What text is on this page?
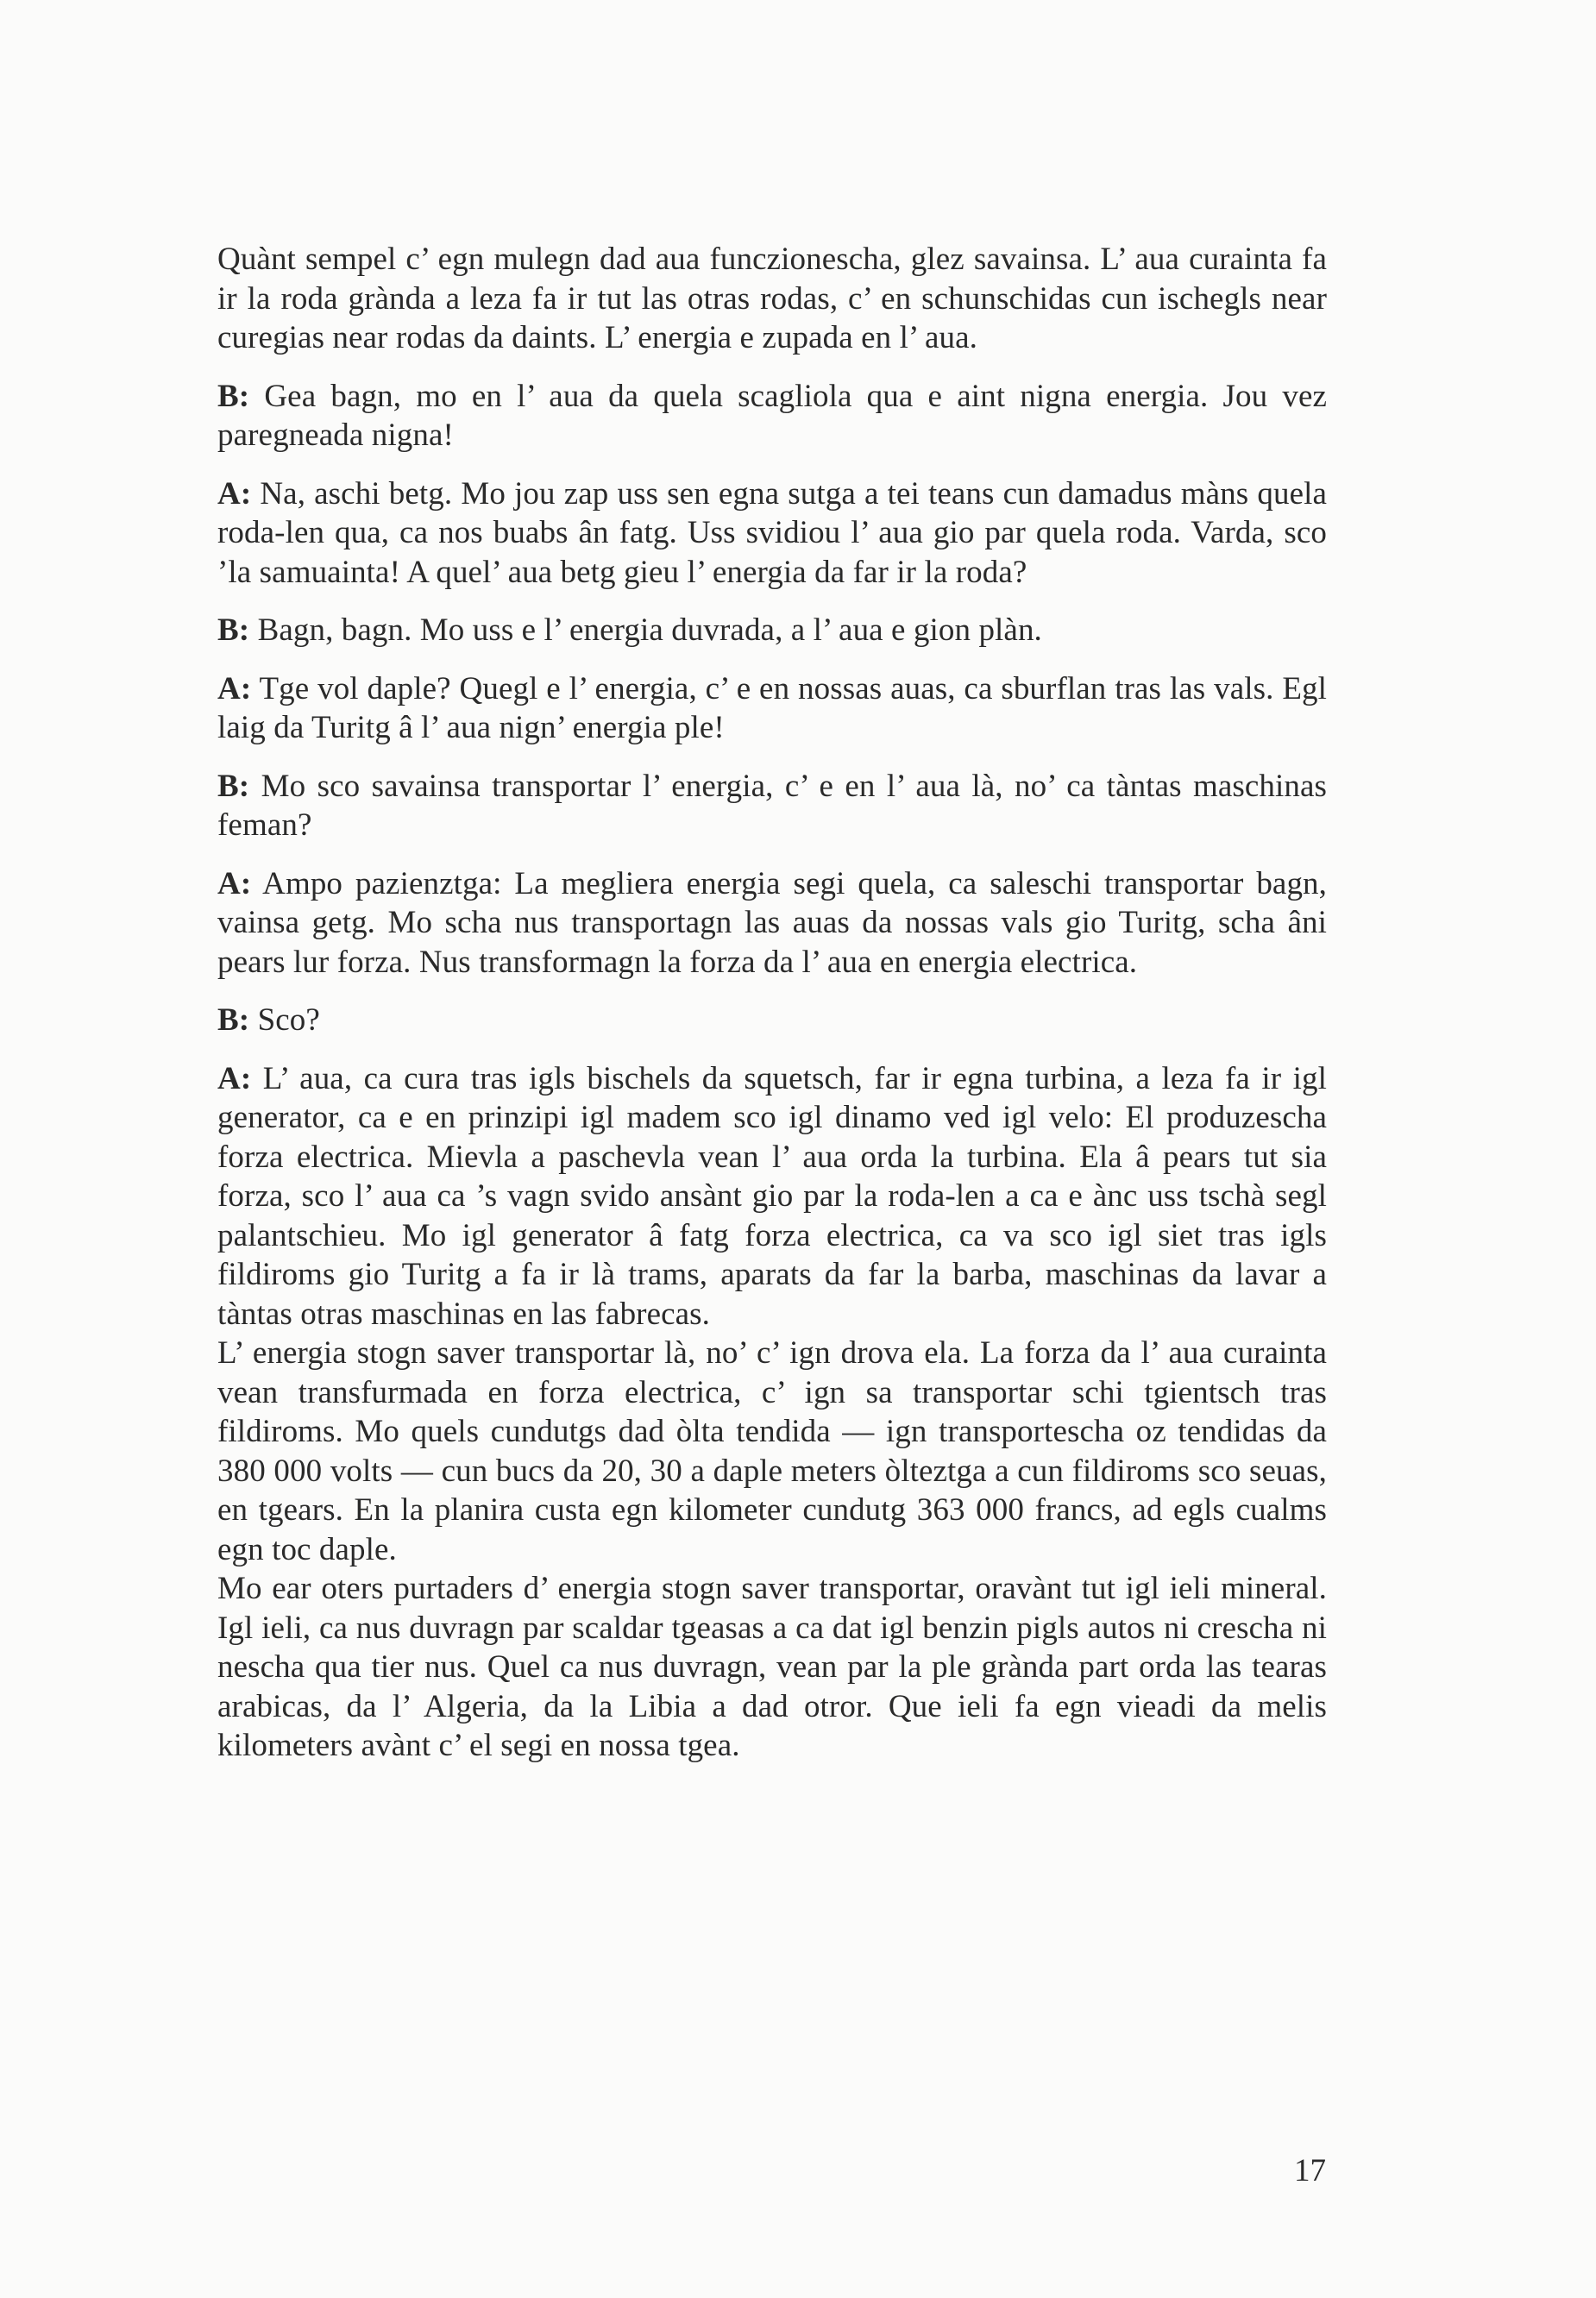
Quànt sempel c’ egn mulegn dad aua funczionescha, glez savainsa. L’ aua curainta fa ir la roda grànda a leza fa ir tut las otras rodas, c’ en schunschidas cun ischegls near curegias near rodas da daints. L’ energia e zupada en l’ aua.

B: Gea bagn, mo en l’ aua da quela scagliola qua e aint nigna energia. Jou vez paregneada nigna!

A: Na, aschi betg. Mo jou zap uss sen egna sutga a tei teans cun damadus màns quela roda-len qua, ca nos buabs ân fatg. Uss svidiou l’ aua gio par quela roda. Varda, sco ’la samuainta! A quel’ aua betg gieu l’ energia da far ir la roda?

B: Bagn, bagn. Mo uss e l’ energia duvrada, a l’ aua e gion plàn.

A: Tge vol daple? Quegl e l’ energia, c’ e en nossas auas, ca sburflan tras las vals. Egl laig da Turitg â l’ aua nign’ energia ple!

B: Mo sco savainsa transportar l’ energia, c’ e en l’ aua là, no’ ca tàntas maschinas feman?

A: Ampo pazienztga: La megliera energia segi quela, ca saleschi transportar bagn, vainsa getg. Mo scha nus transportagn las auas da nossas vals gio Turitg, scha âni pears lur forza. Nus transformagn la forza da l’ aua en energia electrica.

B: Sco?

A: L’ aua, ca cura tras igls bischels da squetsch, far ir egna turbina, a leza fa ir igl generator, ca e en prinzipi igl madem sco igl dinamo ved igl velo: El produzescha forza electrica. Mievla a paschevla vean l’ aua orda la turbina. Ela â pears tut sia forza, sco l’ aua ca ’s vagn svido ansànt gio par la roda-len a ca e ànc uss tschà segl palantschieu. Mo igl generator â fatg forza electrica, ca va sco igl siet tras igls fildiroms gio Turitg a fa ir là trams, aparats da far la barba, maschinas da lavar a tàntas otras maschinas en las fabrecas.

L’ energia stogn saver transportar là, no’ c’ ign drova ela. La forza da l’ aua curainta vean transfurmada en forza electrica, c’ ign sa transportar schi tgientsch tras fildiroms. Mo quels cundutgs dad òlta tendida — ign transportescha oz tendidas da 380 000 volts — cun bucs da 20, 30 a daple meters òlteztga a cun fildiroms sco seuas, en tgears. En la planira custa egn kilometer cundutg 363 000 francs, ad egls cualms egn toc daple.

Mo ear oters purtaders d’ energia stogn saver transportar, oravànt tut igl ieli mineral. Igl ieli, ca nus duvragn par scaldar tgeasas a ca dat igl benzin pigls autos ni crescha ni nescha qua tier nus. Quel ca nus duvragn, vean par la ple grànda part orda las tearas arabicas, da l’ Algeria, da la Libia a dad otror. Que ieli fa egn vieadi da melis kilometers avànt c’ el segi en nossa tgea.

17
